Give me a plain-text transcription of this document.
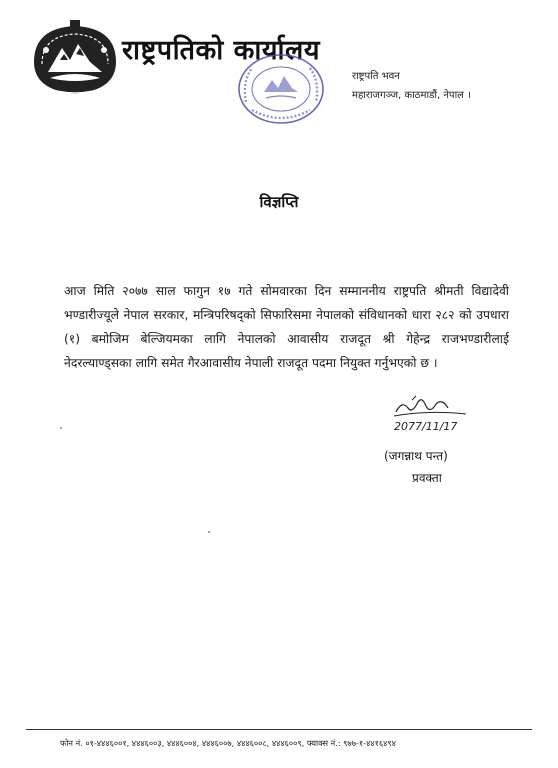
राष्ट्रपतिको कार्यालय
राष्ट्रपति भवन
महाराजगञ्ज, काठमाडौं, नेपाल ।
विज्ञप्ति
आज मिति २०७७ साल फागुन १७ गते सोमवारका दिन सम्माननीय राष्ट्रपति श्रीमती विद्यादेवी भण्डारीज्यूले नेपाल सरकार, मन्त्रिपरिषद्को सिफारिसमा नेपालको संविधानको धारा २८२ को उपधारा (१) बमोजिम बेल्जियमका लागि नेपालको आवासीय राजदूत श्री गेहेन्द्र राजभण्डारीलाई नेदरल्याण्ड्सका लागि समेत गैरआवासीय नेपाली राजदूत पदमा नियुक्त गर्नुभएको छ ।
2077/11/17
(जगन्नाथ पन्त)
प्रवक्ता
फोन नं. ०१-४४४६००१, ४४४६००३, ४४४६००४, ४४४६००७, ४४४६००८, ४४४६००९, फ्याक्स नं.: ९७७-१-४४१६४९४
